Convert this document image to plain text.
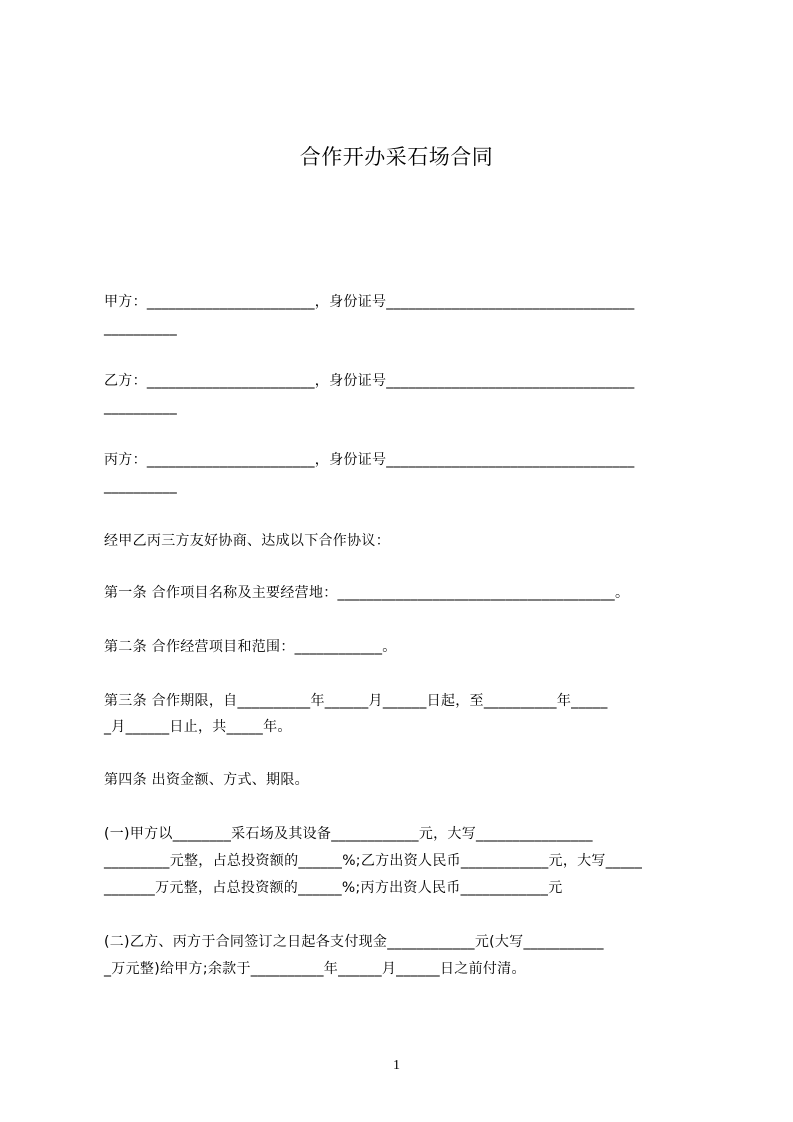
合作开办采石场合同
甲方：_______________________，身份证号__________________________________
__________
乙方：_______________________，身份证号__________________________________
__________
丙方：_______________________，身份证号__________________________________
__________
经甲乙丙三方友好协商、达成以下合作协议：
第一条 合作项目名称及主要经营地：______________________________________。
第二条 合作经营项目和范围：____________。
第三条 合作期限，自__________年______月______日起，至__________年_____
_月______日止，共_____年。
第四条 出资金额、方式、期限。
(一)甲方以________采石场及其设备____________元，大写________________
_________元整，占总投资额的______%;乙方出资人民币____________元，大写_____
_______万元整，占总投资额的______%;丙方出资人民币____________元
(二)乙方、丙方于合同签订之日起各支付现金____________元(大写___________
_万元整)给甲方;余款于__________年______月______日之前付清。
1
